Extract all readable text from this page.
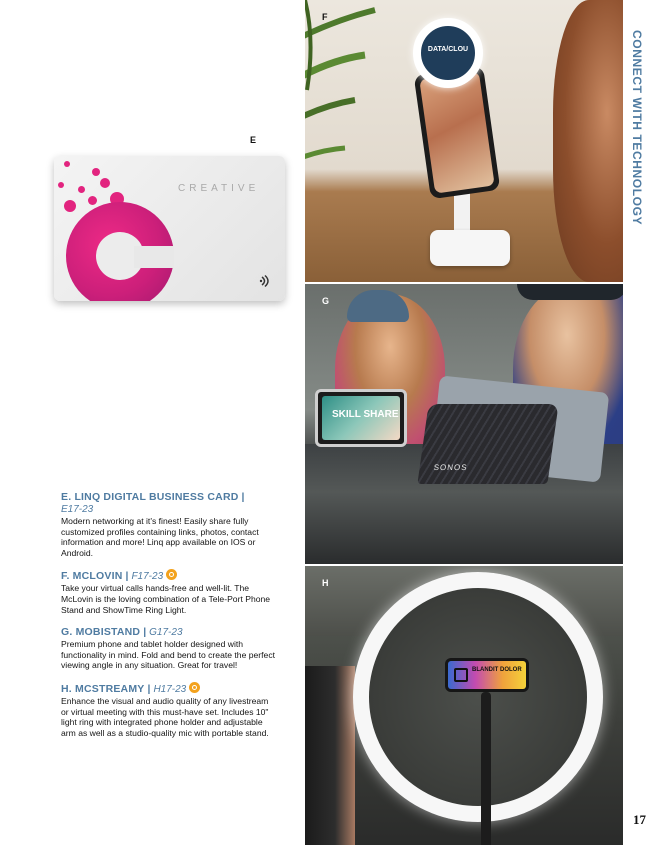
DATA/CLOU
F
SKILL SHARE
SONOS
G
BLANDIT DOLOR
H
CONNECT WITH TECHNOLOGY
17
E
CREATIVE
E. LINQ DIGITAL BUSINESS CARD |
E17-23
Modern networking at it's finest! Easily share fully customized profiles containing links, photos, contact information and more! Linq app available on IOS or Android.
F. MCLOVIN | F17-23
Take your virtual calls hands-free and well-lit. The McLovin is the loving combination of a Tele-Port Phone Stand and ShowTime Ring Light.
G. MOBISTAND | G17-23
Premium phone and tablet holder designed with functionality in mind. Fold and bend to create the perfect viewing angle in any situation. Great for travel!
H. MCSTREAMY | H17-23
Enhance the visual and audio quality of any livestream or virtual meeting with this must-have set. Includes 10" light ring with integrated phone holder and adjustable arm as well as a studio-quality mic with portable stand.
